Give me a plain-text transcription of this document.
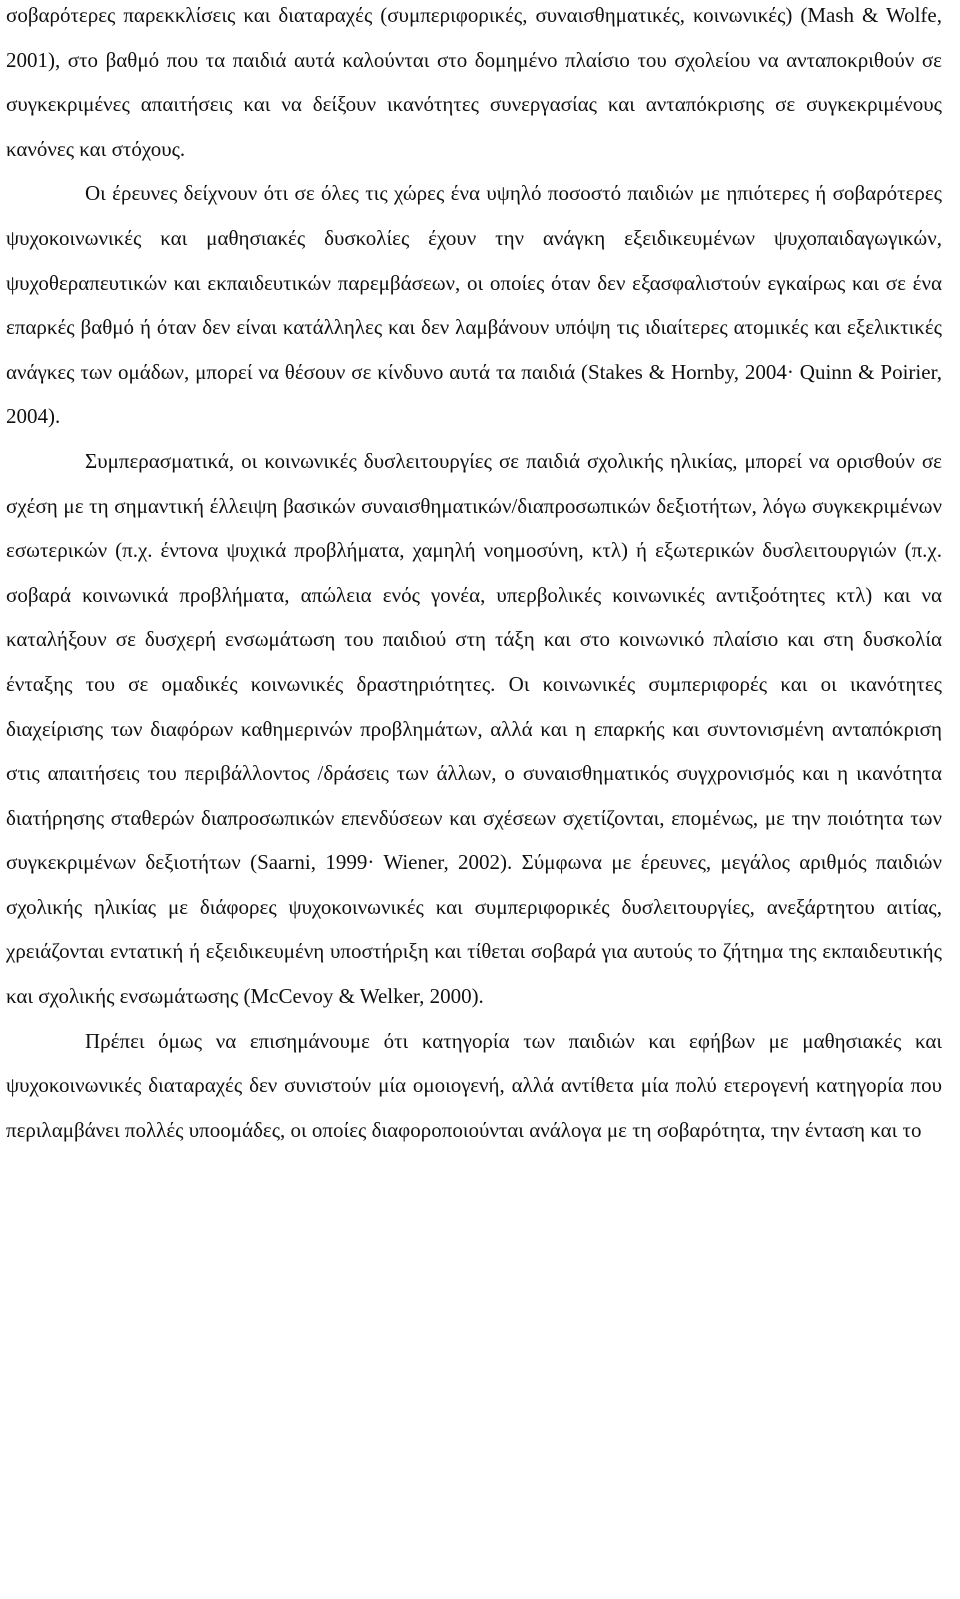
σοβαρότερες παρεκκλίσεις και διαταραχές (συμπεριφορικές, συναισθηματικές, κοινωνικές) (Mash & Wolfe, 2001), στο βαθμό που τα παιδιά αυτά καλούνται στο δομημένο πλαίσιο του σχολείου να ανταποκριθούν σε συγκεκριμένες απαιτήσεις και να δείξουν ικανότητες συνεργασίας και ανταπόκρισης σε συγκεκριμένους κανόνες και στόχους.

Οι έρευνες δείχνουν ότι σε όλες τις χώρες ένα υψηλό ποσοστό παιδιών με ηπιότερες ή σοβαρότερες ψυχοκοινωνικές και μαθησιακές δυσκολίες έχουν την ανάγκη εξειδικευμένων ψυχοπαιδαγωγικών, ψυχοθεραπευτικών και εκπαιδευτικών παρεμβάσεων, οι οποίες όταν δεν εξασφαλιστούν εγκαίρως και σε ένα επαρκές βαθμό ή όταν δεν είναι κατάλληλες και δεν λαμβάνουν υπόψη τις ιδιαίτερες ατομικές και εξελικτικές ανάγκες των ομάδων, μπορεί να θέσουν σε κίνδυνο αυτά τα παιδιά (Stakes & Hornby, 2004· Quinn & Poirier, 2004).

Συμπερασματικά, οι κοινωνικές δυσλειτουργίες σε παιδιά σχολικής ηλικίας, μπορεί να ορισθούν σε σχέση με τη σημαντική έλλειψη βασικών συναισθηματικών/διαπροσωπικών δεξιοτήτων, λόγω συγκεκριμένων εσωτερικών (π.χ. έντονα ψυχικά προβλήματα, χαμηλή νοημοσύνη, κτλ) ή εξωτερικών δυσλειτουργιών (π.χ. σοβαρά κοινωνικά προβλήματα, απώλεια ενός γονέα, υπερβολικές κοινωνικές αντιξοότητες κτλ) και να καταλήξουν σε δυσχερή ενσωμάτωση του παιδιού στη τάξη και στο κοινωνικό πλαίσιο και στη δυσκολία ένταξης του σε ομαδικές κοινωνικές δραστηριότητες. Οι κοινωνικές συμπεριφορές και οι ικανότητες διαχείρισης των διαφόρων καθημερινών προβλημάτων, αλλά και η επαρκής και συντονισμένη ανταπόκριση στις απαιτήσεις του περιβάλλοντος /δράσεις των άλλων, ο συναισθηματικός συγχρονισμός και η ικανότητα διατήρησης σταθερών διαπροσωπικών επενδύσεων και σχέσεων σχετίζονται, επομένως, με την ποιότητα των συγκεκριμένων δεξιοτήτων (Saarni, 1999· Wiener, 2002). Σύμφωνα με έρευνες, μεγάλος αριθμός παιδιών σχολικής ηλικίας με διάφορες ψυχοκοινωνικές και συμπεριφορικές δυσλειτουργίες, ανεξάρτητου αιτίας, χρειάζονται εντατική ή εξειδικευμένη υποστήριξη και τίθεται σοβαρά για αυτούς το ζήτημα της εκπαιδευτικής και σχολικής ενσωμάτωσης (McCevoy & Welker, 2000).

Πρέπει όμως να επισημάνουμε ότι κατηγορία των παιδιών και εφήβων με μαθησιακές και ψυχοκοινωνικές διαταραχές δεν συνιστούν μία ομοιογενή, αλλά αντίθετα μία πολύ ετερογενή κατηγορία που περιλαμβάνει πολλές υποομάδες, οι οποίες διαφοροποιούνται ανάλογα με τη σοβαρότητα, την ένταση και το
